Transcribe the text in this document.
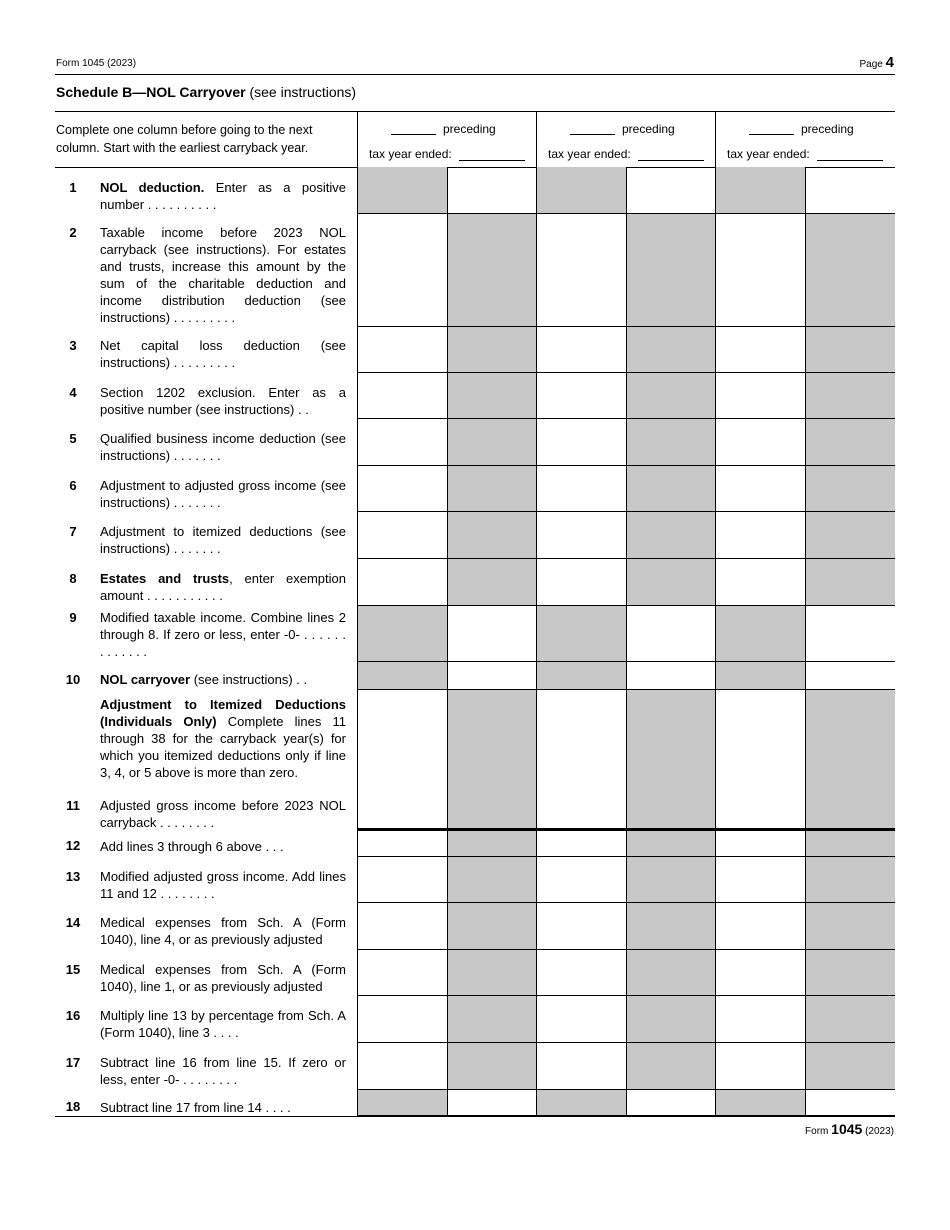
Form 1045 (2023)	Page 4
Schedule B—NOL Carryover (see instructions)
Complete one column before going to the next column. Start with the earliest carryback year.
preceding
tax year ended:
preceding
tax year ended:
preceding
tax year ended:
1	NOL deduction. Enter as a positive number . . . . . . . . . .
2	Taxable income before 2023 NOL carryback (see instructions). For estates and trusts, increase this amount by the sum of the charitable deduction and income distribution deduction (see instructions) . . . . . . . . .
3	Net capital loss deduction (see instructions) . . . . . . . . .
4	Section 1202 exclusion. Enter as a positive number (see instructions) . .
5	Qualified business income deduction (see instructions) . . . . . . .
6	Adjustment to adjusted gross income (see instructions) . . . . . . .
7	Adjustment to itemized deductions (see instructions) . . . . . . .
8	Estates and trusts, enter exemption amount . . . . . . . . . . .
9	Modified taxable income. Combine lines 2 through 8. If zero or less, enter -0- . . . . . . . . . . . . .
10	NOL carryover (see instructions) . .
Adjustment to Itemized Deductions (Individuals Only) Complete lines 11 through 38 for the carryback year(s) for which you itemized deductions only if line 3, 4, or 5 above is more than zero.
11	Adjusted gross income before 2023 NOL carryback . . . . . . . .
12	Add lines 3 through 6 above . . .
13	Modified adjusted gross income. Add lines 11 and 12 . . . . . . . .
14	Medical expenses from Sch. A (Form 1040), line 4, or as previously adjusted
15	Medical expenses from Sch. A (Form 1040), line 1, or as previously adjusted
16	Multiply line 13 by percentage from Sch. A (Form 1040), line 3 . . . .
17	Subtract line 16 from line 15. If zero or less, enter -0- . . . . . . . .
18	Subtract line 17 from line 14 . . . .
Form 1045 (2023)
